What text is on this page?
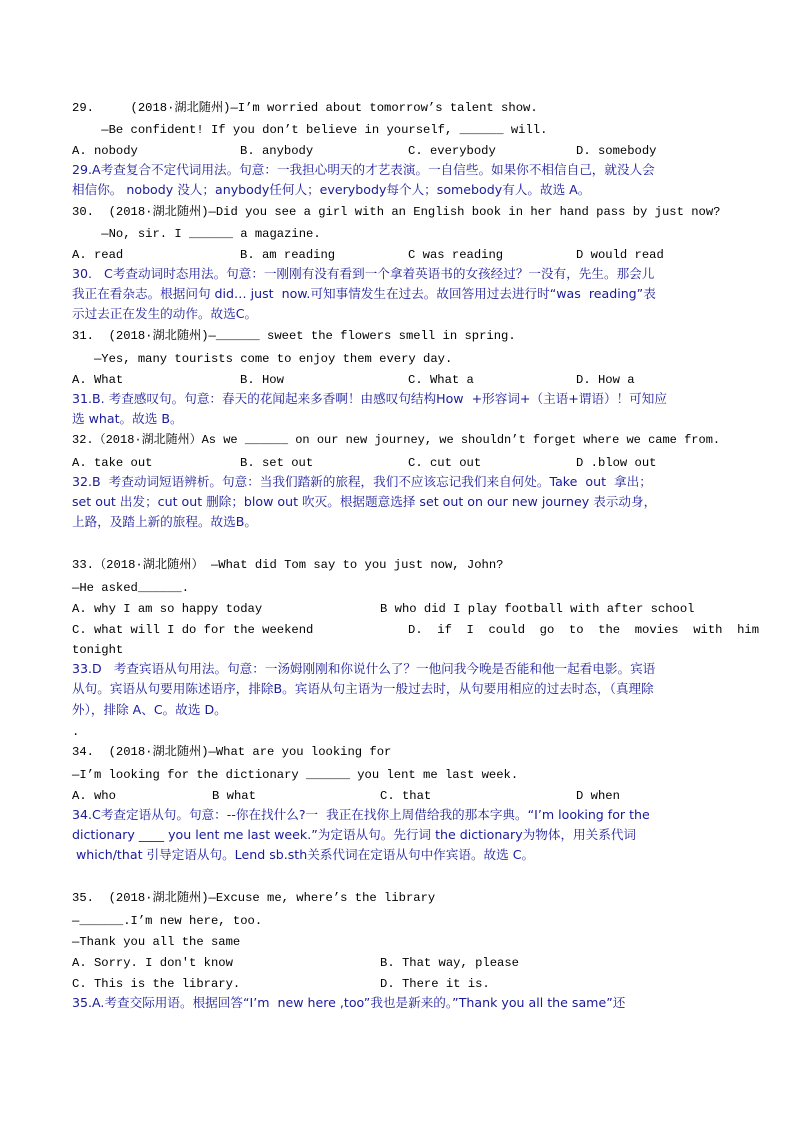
29.     (2018·湖北随州)—I’m worried about tomorrow’s talent show.
—Be confident! If you don’t believe in yourself, ______ will.
A. nobody	B. anybody	C. everybody	D. somebody
29.A考查复合不定代词用法。句意：一我担心明天的才艺表演。一自信些。如果你不相信自己，就没人会
相信你。 nobody 没人；anybody任何人；everybody每个人；somebody有人。故选 A。
30.  (2018·湖北随州)—Did you see a girl with an English book in her hand pass by just now?
—No, sir. I ______ a magazine.
A. read	B. am reading	C was reading	D would read
30.   C考查动词时态用法。句意：一刚刚有没有看到一个拿着英语书的女孩经过？一没有，先生。那会儿
我正在看杂志。根据问句 did… just  now.可知事情发生在过去。故回答用过去进行时“was  reading”表
示过去正在发生的动作。故选C。
31.  (2018·湖北随州)—______ sweet the flowers smell in spring.
—Yes, many tourists come to enjoy them every day.
A. What	B. How	C. What a	D. How a
31.B. 考查感叹句。句意：春天的花闻起来多香啊！由感叹句结构How  +形容词+（主语+谓语）！可知应
选 what。故选 B。
32.（2018·湖北随州）As we ______ on our new journey, we shouldn’t forget where we came from.
A. take out	B. set out	C. cut out	D .blow out
32.B  考查动词短语辨析。句意：当我们踏新的旅程，我们不应该忘记我们来自何处。Take  out  拿出；
set out 出发；cut out 删除；blow out 吹灭。根据题意选择 set out on our new journey 表示动身，
上路，及踏上新的旅程。故选B。
33.（2018·湖北随州） —What did Tom say to you just now, John?
—He asked______.
A. why I am so happy today	B who did I play football with after school
C. what will I do for the weekend	D.  if  I  could  go  to  the  movies  with  him
tonight
33.D   考查宾语从句用法。句意：一汤姆刚刚和你说什么了？一他问我今晚是否能和他一起看电影。宾语
从句。宾语从句要用陈述语序，排除B。宾语从句主语为一般过去时，从句要用相应的过去时态，（真理除
外），排除 A、C。故选 D。
.
34.  (2018·湖北随州)—What are you looking for
—I’m looking for the dictionary ______ you lent me last week.
A. who	B what	C. that	D when
34.C考查定语从句。句意：--你在找什么?一  我正在找你上周借给我的那本字典。“I’m looking for the
dictionary ____ you lent me last week.”为定语从句。先行词 the dictionary为物体，用关系代词
which/that 引导定语从句。Lend sb.sth关系代词在定语从句中作宾语。故选 C。
35.  (2018·湖北随州)—Excuse me, where’s the library
—______.I’m new here, too.
—Thank you all the same
A. Sorry. I don't know	B. That way, please
C. This is the library.	D. There it is.
35.A.考查交际用语。根据回答“I’m  new here ,too”我也是新来的。”Thank you all the same”还
